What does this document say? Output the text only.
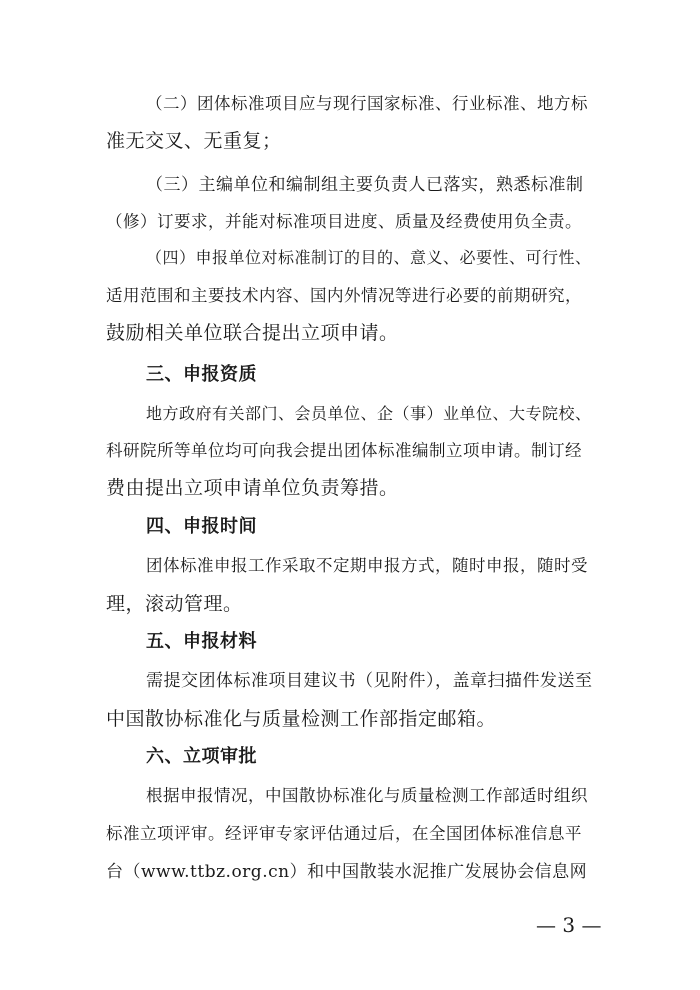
（二）团体标准项目应与现行国家标准、行业标准、地方标
准无交叉、无重复；
（三）主编单位和编制组主要负责人已落实，熟悉标准制
（修）订要求，并能对标准项目进度、质量及经费使用负全责。
（四）申报单位对标准制订的目的、意义、必要性、可行性、
适用范围和主要技术内容、国内外情况等进行必要的前期研究，
鼓励相关单位联合提出立项申请。
三、申报资质
地方政府有关部门、会员单位、企（事）业单位、大专院校、
科研院所等单位均可向我会提出团体标准编制立项申请。制订经
费由提出立项申请单位负责筹措。
四、申报时间
团体标准申报工作采取不定期申报方式，随时申报，随时受
理，滚动管理。
五、申报材料
需提交团体标准项目建议书（见附件），盖章扫描件发送至
中国散协标准化与质量检测工作部指定邮箱。
六、立项审批
根据申报情况，中国散协标准化与质量检测工作部适时组织
标准立项评审。经评审专家评估通过后，在全国团体标准信息平
台（www.ttbz.org.cn）和中国散装水泥推广发展协会信息网
— 3 —
